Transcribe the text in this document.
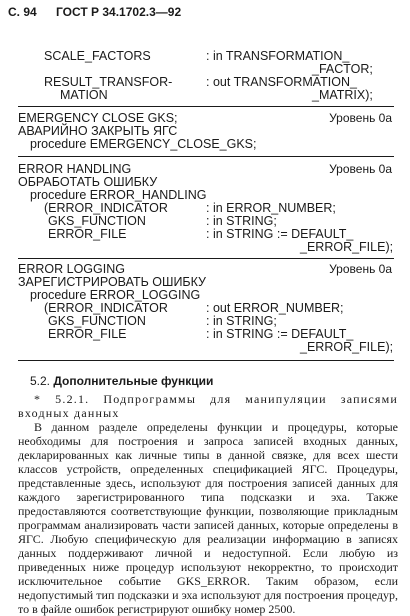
С. 94 ГОСТ Р 34.1702.3—92
SCALE_FACTORS	: in TRANSFORMATION_
_FACTOR;
RESULT_TRANSFOR-	: out TRANSFORMATION_
MATION	_MATRIX);
EMERGENCY CLOSE GKS;	Уровень 0а
АВАРИЙНО ЗАКРЫТЬ ЯГС
procedure EMERGENCY_CLOSE_GKS;
ERROR HANDLING	Уровень 0а
ОБРАБОТАТЬ ОШИБКУ
procedure ERROR_HANDLING
(ERROR_INDICATOR	: in ERROR_NUMBER;
GKS_FUNCTION	: in STRING;
ERROR_FILE	: in STRING := DEFAULT_
_ERROR_FILE);
ERROR LOGGING	Уровень 0а
ЗАРЕГИСТРИРОВАТЬ ОШИБКУ
procedure ERROR_LOGGING
(ERROR_INDICATOR	: out ERROR_NUMBER;
GKS_FUNCTION	: in STRING;
ERROR_FILE	: in STRING := DEFAULT_
_ERROR_FILE);
5.2. Дополнительные функции

* 5.2.1. Подпрограммы для манипуляции записями входных данных

В данном разделе определены функции и процедуры, которые необходимы для построения и запроса записей входных данных, декларированных как личные типы в данной связке, для всех шести классов устройств, определенных спецификацией ЯГС. Процедуры, представленные здесь, используют для построения записей данных для каждого зарегистрированного типа подсказки и эха. Также предоставляются соответствующие функции, позволяющие прикладным программам анализировать части записей данных, которые определены в ЯГС. Любую специфическую для реализации информацию в записях данных поддерживают личной и недоступной. Если любую из приведенных ниже процедур используют некорректно, то происходит исключительное событие GKS_ERROR. Таким образом, если недопустимый тип подсказки и эха используют для построения процедур, то в файле ошибок регистрируют ошибку номер 2500.
